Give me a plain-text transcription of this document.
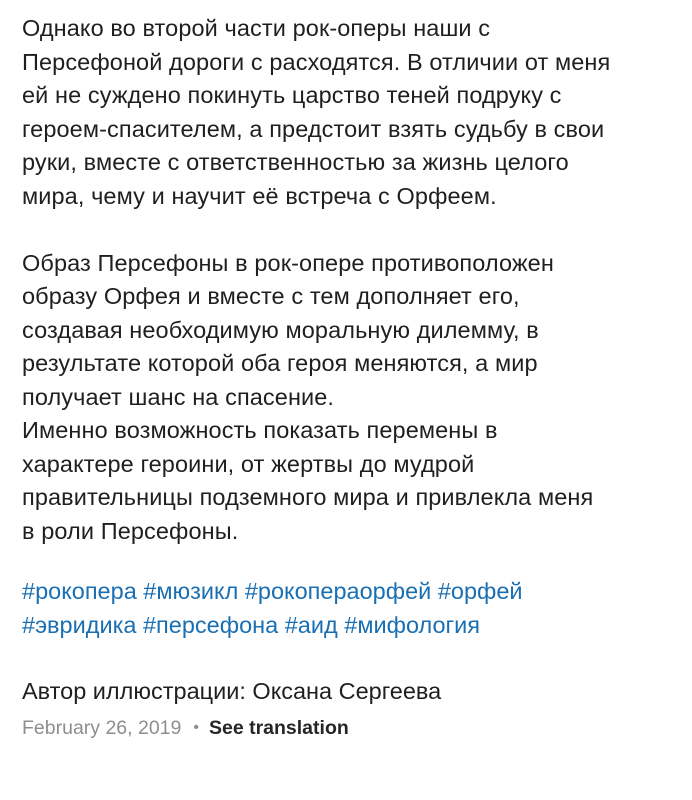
Однако во второй части рок-оперы наши с

Персефоной дороги с расходятся. В отличии от меня

ей не суждено покинуть царство теней подруку с

героем-спасителем, а предстоит взять судьбу в свои

руки, вместе с ответственностью за жизнь целого

мира, чему и научит её встреча с Орфеем.

Образ Персефоны в рок-опере противоположен

образу Орфея и вместе с тем дополняет его,

создавая необходимую моральную дилемму, в

результате которой оба героя меняются, а мир

получает шанс на спасение.

Именно возможность показать перемены в

характере героини, от жертвы до мудрой

правительницы подземного мира и привлекла меня

в роли Персефоны.

#рокопера #мюзикл #рокопераорфей #орфей
#эвридика #персефона #аид #мифология
Автор иллюстрации: Оксана Сергеева
February 26, 2019 • See translation
